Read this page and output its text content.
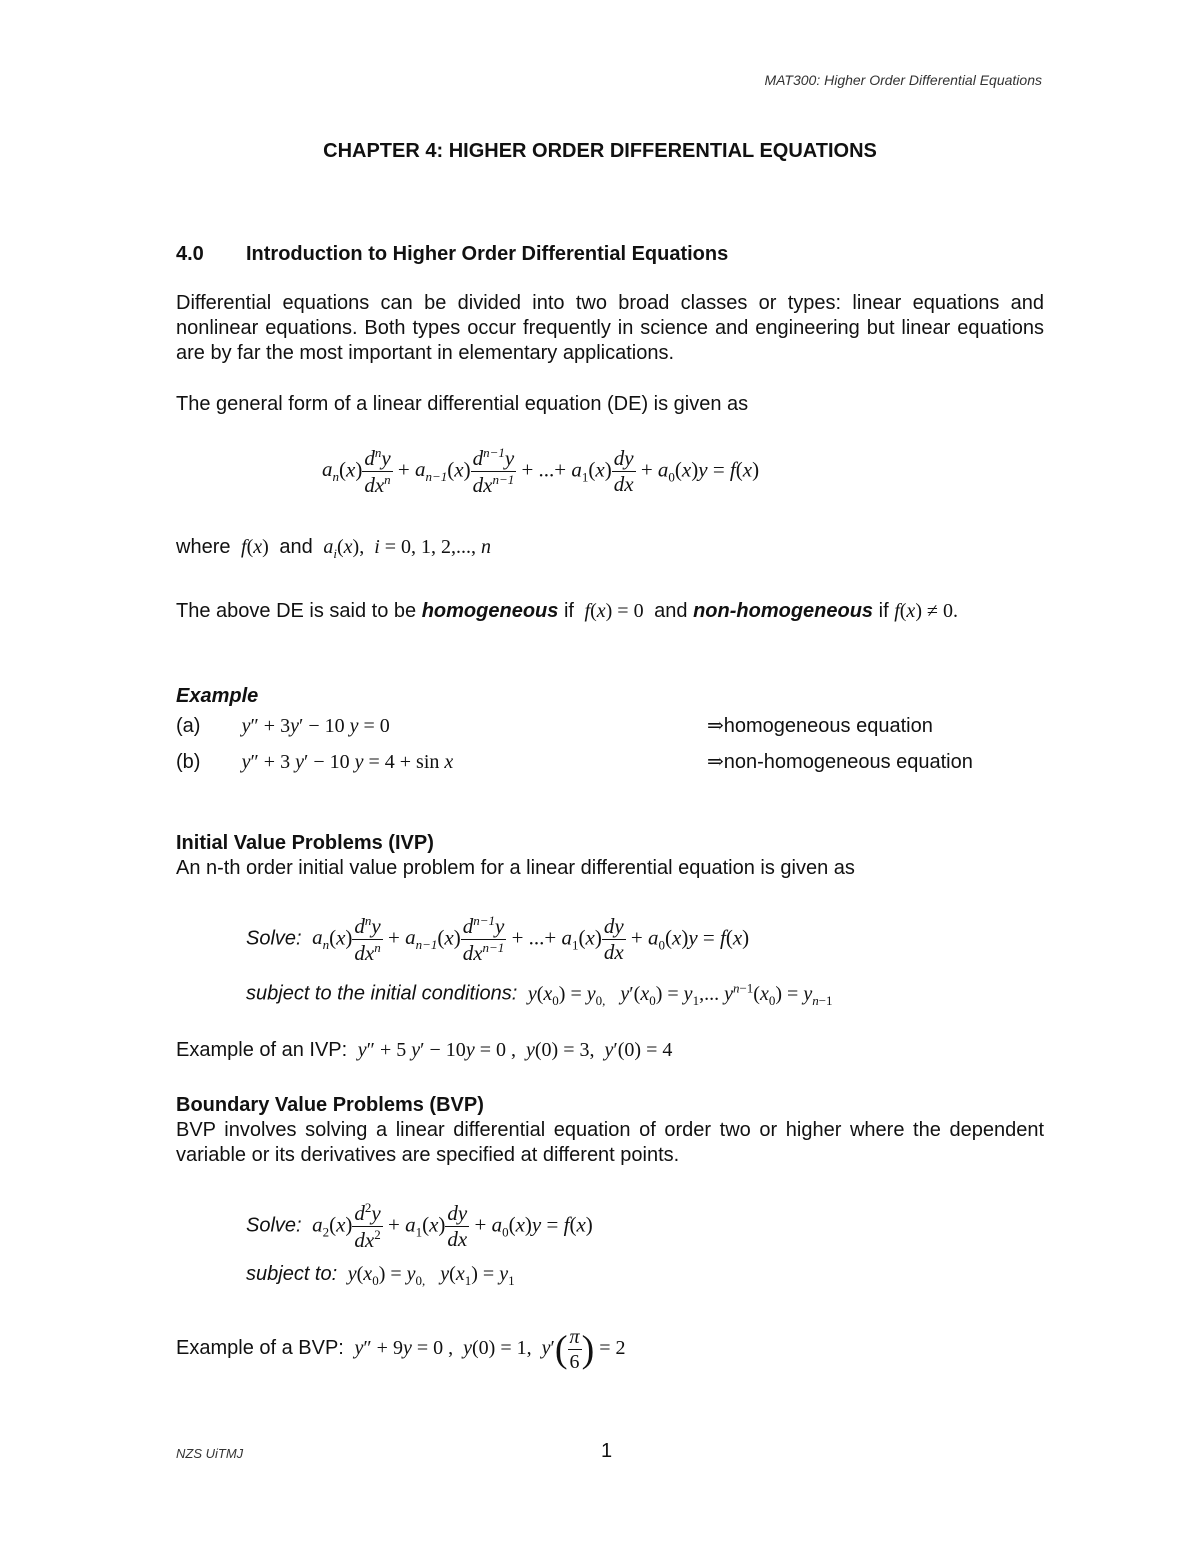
MAT300: Higher Order Differential Equations
CHAPTER 4: HIGHER ORDER DIFFERENTIAL EQUATIONS
4.0 Introduction to Higher Order Differential Equations
Differential equations can be divided into two broad classes or types: linear equations and nonlinear equations. Both types occur frequently in science and engineering but linear equations are by far the most important in elementary applications.
The general form of a linear differential equation (DE) is given as
$a_n(x) \frac{d^ny}{dx^n} + a_{n-1}(x) \frac{d^{n-1}y}{dx^{n-1}}$ + ...+ $a_1(x) \frac{dy}{dx} + a_0(x)y = f(x)$
where f(x)  and $a_i(x)$,  i = 0, 1, 2,..., n
The above DE is said to be homogeneous if f(x) = 0  and non-homogeneous if f(x) ≠ 0.
Example
(a) y″ + 3y′ − 10 y = 0	⇒homogeneous equation
(b) y″ + 3 y′ − 10 y = 4 + sin x	⇒non-homogeneous equation
Initial Value Problems (IVP)
An n-th order initial value problem for a linear differential equation is given as
Solve: $a_n(x) \frac{d^ny}{dx^n} + a_{n-1}(x) \frac{d^{n-1}y}{dx^{n-1}}$ + ...+ $a_1(x) \frac{dy}{dx} + a_0(x)y = f(x)$
subject to the initial conditions: $y(x_0) = y_{0,}$ $y'(x_0) = y_1$,... $y^{n-1}(x_0) = y_{n-1}$
Example of an IVP: y″ + 5 y′ − 10y = 0 ,  y(0) = 3,  y′(0) = 4
Boundary Value Problems (BVP)
BVP involves solving a linear differential equation of order two or higher where the dependent variable or its derivatives are specified at different points.
Solve: $a_2(x) \frac{d^2y}{dx^2} + a_1(x) \frac{dy}{dx} + a_0(x)y = f(x)$
subject to: $y(x_0) = y_{0,}$ $y(x_1) = y_1$
Example of a BVP: y″ + 9y = 0 ,  y(0) = 1,  $y'( \frac{\pi}{6}$ ) = 2
NZS UiTMJ	1
